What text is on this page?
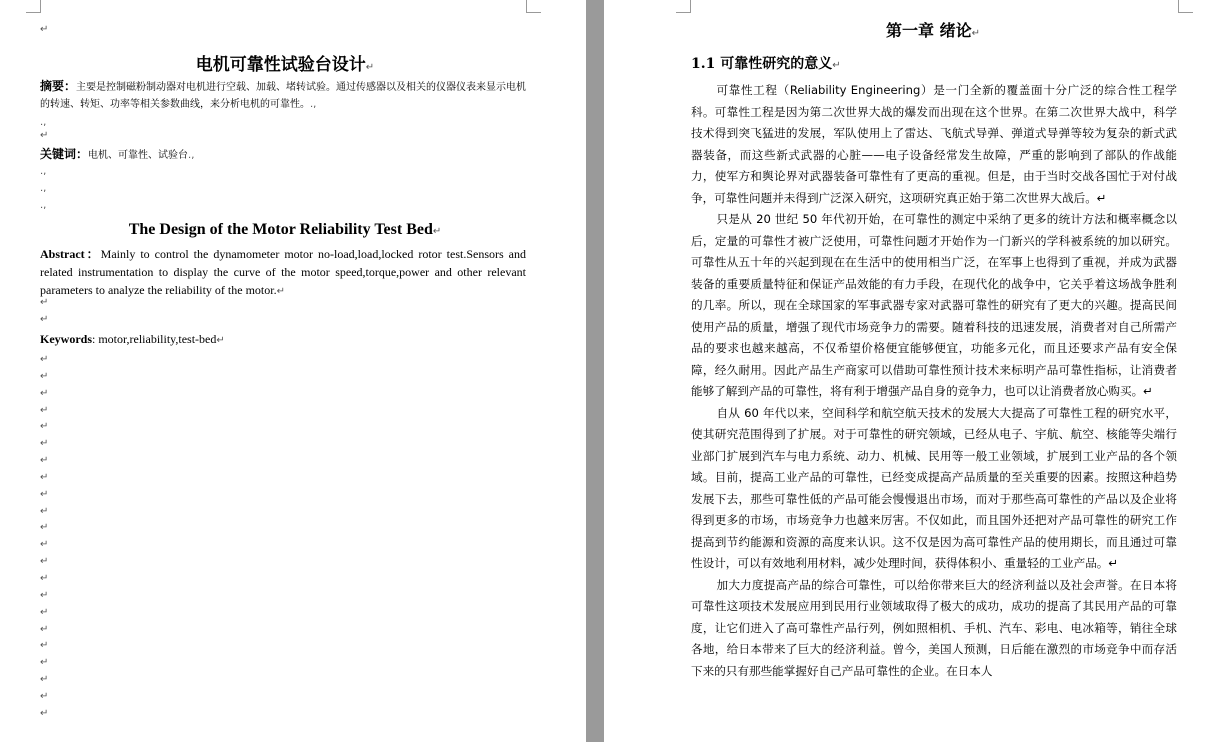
↵
电机可靠性试验台设计↵
摘要：主要是控制磁粉制动器对电机进行空载、加载、堵转试验。通过传感器以及相关的仪器仪表来显示电机的转速、转矩、功率等相关参数曲线，来分析电机的可靠性。.,
.,
↵
关键词：电机、可靠性、试验台.,
.,
.,
.,
The Design of the Motor Reliability Test Bed↵
Abstract：Mainly to control the dynamometer motor no-load,load,locked rotor test.Sensors and related instrumentation to display the curve of the motor speed,torque,power and other relevant parameters to analyze the reliability of the motor.↵
↵
↵
Keywords: motor,reliability,test-bed↵
↵
↵
↵
↵
↵
↵
↵
↵
↵
↵
↵
↵
↵
↵
↵
↵
↵
↵
↵
↵
↵
↵
第一章 绪论↵
1.1 可靠性研究的意义↵

可靠性工程（Reliability Engineering）是一门全新的覆盖面十分广泛的综合性工程学科。可靠性工程是因为第二次世界大战的爆发而出现在这个世界。在第二次世界大战中，科学技术得到突飞猛进的发展，军队使用上了雷达、飞航式导弹、弹道式导弹等较为复杂的新式武器装备，而这些新式武器的心脏——电子设备经常发生故障，严重的影响到了部队的作战能力，使军方和舆论界对武器装备可靠性有了更高的重视。但是，由于当时交战各国忙于对付战争，可靠性问题并未得到广泛深入研究，这项研究真正始于第二次世界大战后。↵

只是从 20 世纪 50 年代初开始，在可靠性的测定中采纳了更多的统计方法和概率概念以后，定量的可靠性才被广泛使用，可靠性问题才开始作为一门新兴的学科被系统的加以研究。可靠性从五十年的兴起到现在在生活中的使用相当广泛，在军事上也得到了重视，并成为武器装备的重要质量特征和保证产品效能的有力手段，在现代化的战争中，它关乎着这场战争胜利的几率。所以，现在全球国家的军事武器专家对武器可靠性的研究有了更大的兴趣。提高民间使用产品的质量，增强了现代市场竞争力的需要。随着科技的迅速发展，消费者对自己所需产品的要求也越来越高，不仅希望价格便宜能够便宜，功能多元化，而且还要求产品有安全保障，经久耐用。因此产品生产商家可以借助可靠性预计技术来标明产品可靠性指标，让消费者能够了解到产品的可靠性，将有利于增强产品自身的竞争力，也可以让消费者放心购买。↵

自从 60 年代以来，空间科学和航空航天技术的发展大大提高了可靠性工程的研究水平，使其研究范围得到了扩展。对于可靠性的研究领域，已经从电子、宇航、航空、核能等尖端行业部门扩展到汽车与电力系统、动力、机械、民用等一般工业领域，扩展到工业产品的各个领域。目前，提高工业产品的可靠性，已经变成提高产品质量的至关重要的因素。按照这种趋势发展下去，那些可靠性低的产品可能会慢慢退出市场，而对于那些高可靠性的产品以及企业将得到更多的市场，市场竞争力也越来厉害。不仅如此，而且国外还把对产品可靠性的研究工作提高到节约能源和资源的高度来认识。这不仅是因为高可靠性产品的使用期长，而且通过可靠性设计，可以有效地利用材料，减少处理时间，获得体积小、重量轻的工业产品。↵

加大力度提高产品的综合可靠性，可以给你带来巨大的经济利益以及社会声誉。在日本将可靠性这项技术发展应用到民用行业领域取得了极大的成功，成功的提高了其民用产品的可靠度，让它们进入了高可靠性产品行列，例如照相机、手机、汽车、彩电、电冰箱等，销往全球各地，给日本带来了巨大的经济利益。曾今，美国人预测，日后能在激烈的市场竞争中而存活下来的只有那些能掌握好自己产品可靠性的企业。在日本人
